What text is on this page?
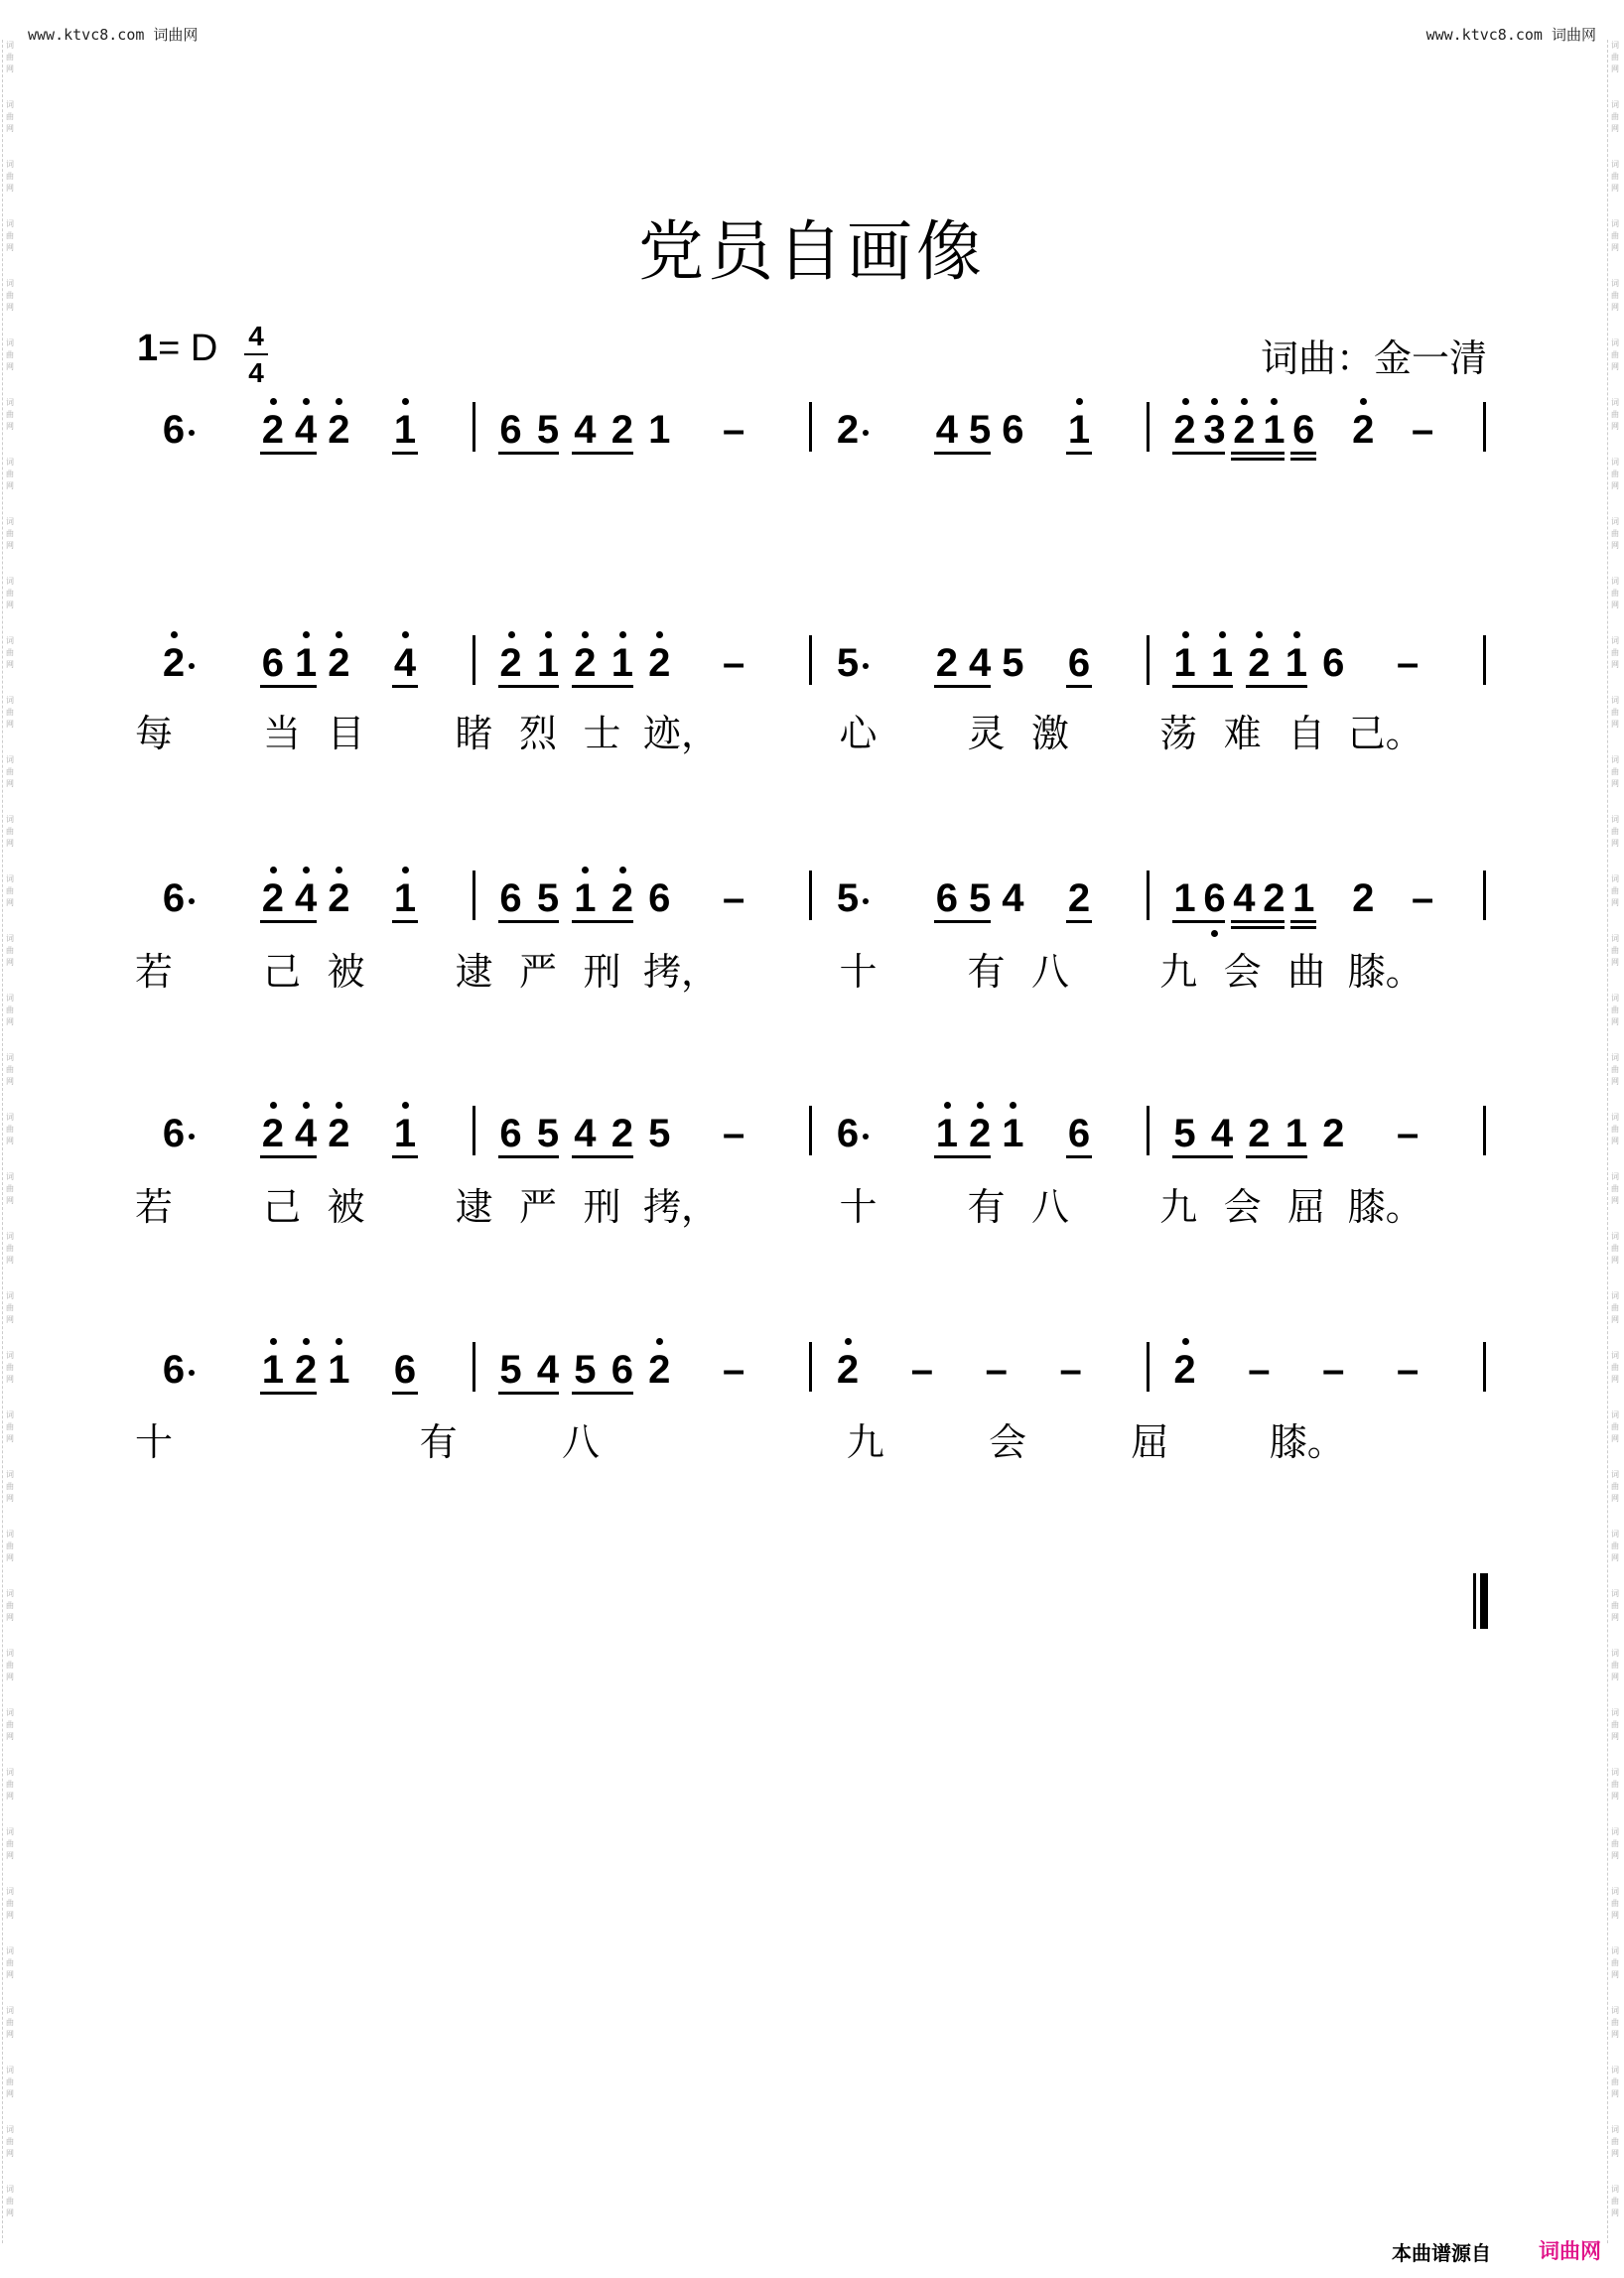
www.ktvc8.com 词曲网	www.ktvc8.com 词曲网
词曲网
词曲网
词曲网
词曲网
词曲网
词曲网
词曲网
词曲网
词曲网
词曲网
词曲网
词曲网
词曲网
词曲网
词曲网
词曲网
词曲网
词曲网
词曲网
词曲网
词曲网
词曲网
词曲网
词曲网
词曲网
词曲网
词曲网
词曲网
词曲网
词曲网
词曲网
词曲网
词曲网
词曲网
词曲网
词曲网
词曲网
词曲网
词曲网
词曲网
词曲网
词曲网
词曲网
词曲网
词曲网
词曲网
词曲网
词曲网
词曲网
词曲网
词曲网
词曲网
词曲网
词曲网
词曲网
词曲网
词曲网
词曲网
词曲网
词曲网
词曲网
词曲网
词曲网
词曲网
词曲网
词曲网
词曲网
词曲网
词曲网
词曲网
词曲网
词曲网
词曲网
词曲网
党员自画像
1= D 4
4	词曲：金一清
6 2 4 2 1 6 5 4 2 1 – 2 4 5 6 1 2 3 2 1 6 2 –
2 6 1 2 4 2 1 2 1 2 – 5 2 4 5 6 1 1 2 1 6 –
每 当 目 睹 烈 士 迹，	心 灵 激 荡 难 自 己。
6 2 4 2 1 6 5 1 2 6 – 5 6 5 4 2 1 6 4 2 1 2 –
若 己 被 逮 严 刑 拷，	十 有 八 九 会 曲 膝。
6 2 4 2 1 6 5 4 2 5 – 6 1 2 1 6 5 4 2 1 2 –
若 己 被 逮 严 刑 拷，	十 有 八 九 会 屈 膝。
6 1 2 1 6 5 4 5 6 2 – 2 – – – 2 – – –
十	有	八	九	会	屈	膝。
本曲谱源自 词曲网
